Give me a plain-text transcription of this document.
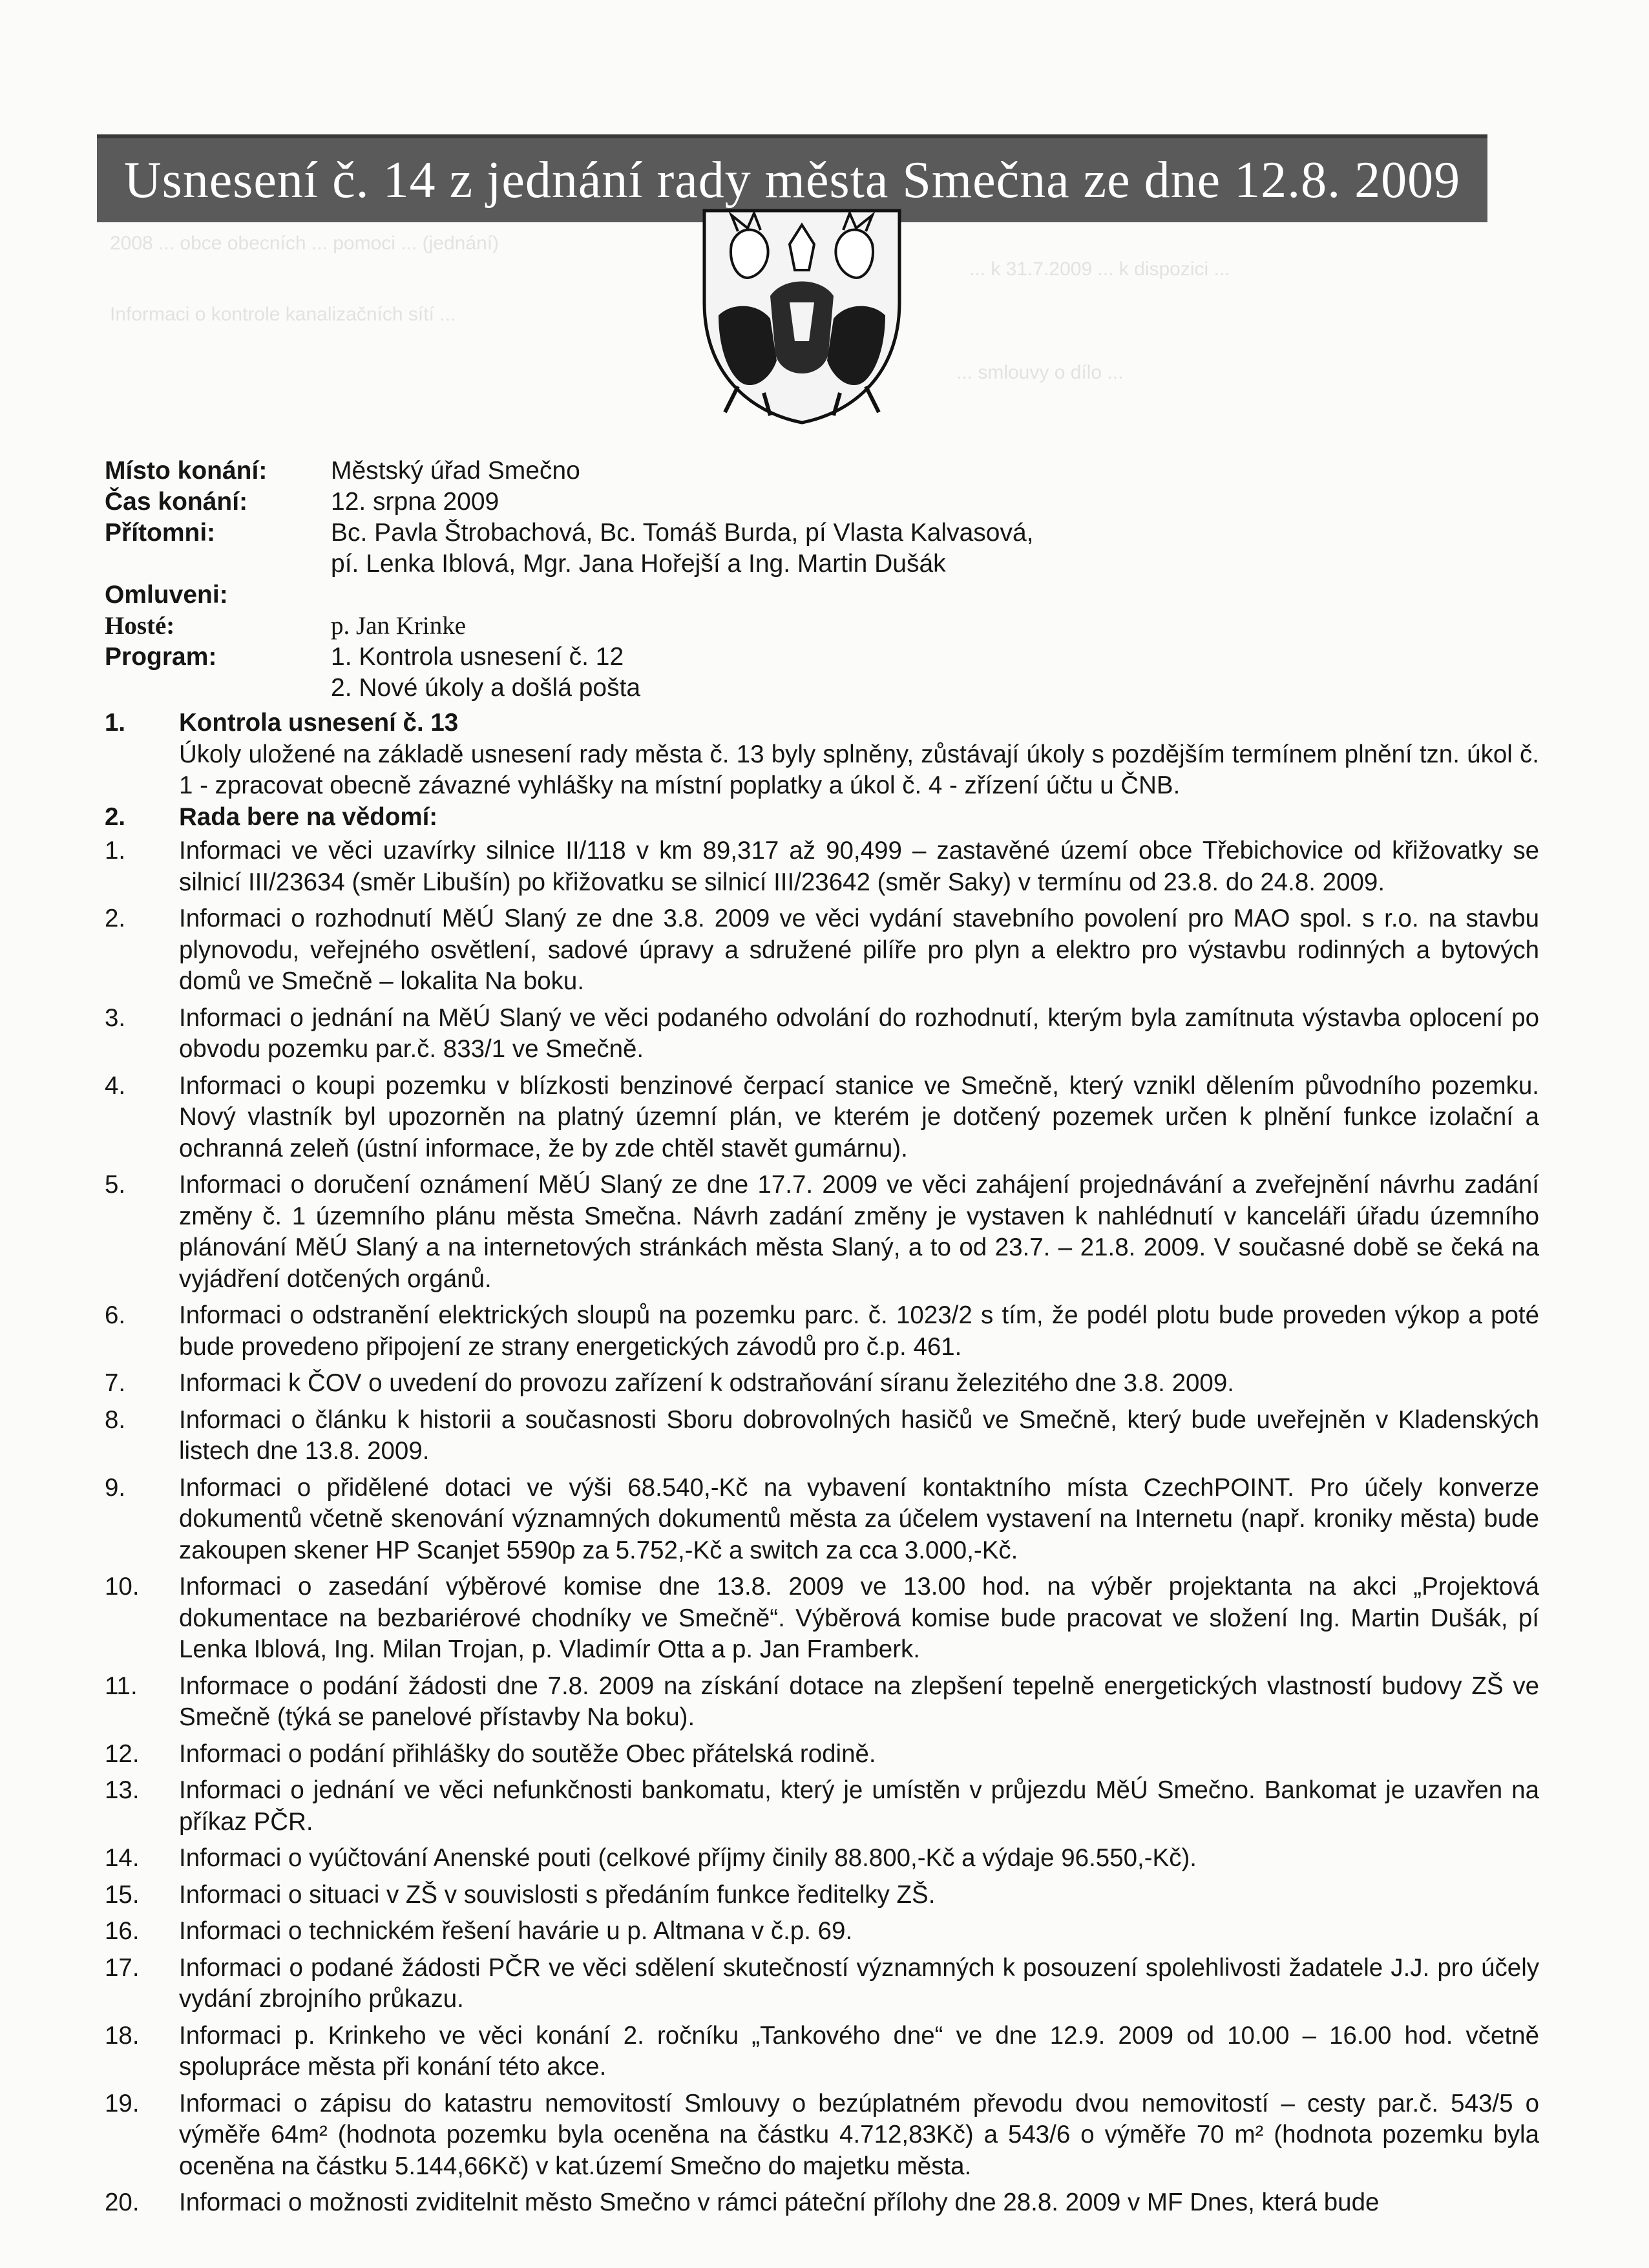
2008 ... obce obecních ... pomoci ... (jednání)
... k 31.7.2009 ... k dispozici ...
Informaci o kontrole kanalizačních sítí ...
... smlouvy o dílo ...
Usnesení č. 14 z jednání rady města Smečna ze dne 12.8. 2009
Místo konání:	Městský úřad Smečno
Čas konání:	12. srpna 2009
Přítomni:	Bc. Pavla Štrobachová, Bc. Tomáš Burda, pí Vlasta Kalvasová,
pí. Lenka Iblová, Mgr. Jana Hořejší a Ing. Martin Dušák
Omluveni:
Hosté:	p. Jan Krinke
Program:	1. Kontrola usnesení č. 12
2. Nové úkoly a došlá pošta
1.	Kontrola usnesení č. 13
Úkoly uložené na základě usnesení rady města č. 13 byly splněny, zůstávají úkoly s pozdějším termínem plnění tzn. úkol č. 1 - zpracovat obecně závazné vyhlášky na místní poplatky a úkol č. 4 - zřízení účtu u ČNB.
2.	Rada bere na vědomí:
1.	Informaci ve věci uzavírky silnice II/118 v km 89,317 až 90,499 – zastavěné území obce Třebichovice od křižovatky se silnicí III/23634 (směr Libušín) po křižovatku se silnicí III/23642 (směr Saky) v termínu od 23.8. do 24.8. 2009.
2.	Informaci o rozhodnutí MěÚ Slaný ze dne 3.8. 2009 ve věci vydání stavebního povolení pro MAO spol. s r.o. na stavbu plynovodu, veřejného osvětlení, sadové úpravy a sdružené pilíře pro plyn a elektro pro výstavbu rodinných a bytových domů ve Smečně – lokalita Na boku.
3.	Informaci o jednání na MěÚ Slaný ve věci podaného odvolání do rozhodnutí, kterým byla zamítnuta výstavba oplocení po obvodu pozemku par.č. 833/1 ve Smečně.
4.	Informaci o koupi pozemku v blízkosti benzinové čerpací stanice ve Smečně, který vznikl dělením původního pozemku. Nový vlastník byl upozorněn na platný územní plán, ve kterém je dotčený pozemek určen k plnění funkce izolační a ochranná zeleň (ústní informace, že by zde chtěl stavět gumárnu).
5.	Informaci o doručení oznámení MěÚ Slaný ze dne 17.7. 2009 ve věci zahájení projednávání a zveřejnění návrhu zadání změny č. 1 územního plánu města Smečna. Návrh zadání změny je vystaven k nahlédnutí v kanceláři úřadu územního plánování MěÚ Slaný a na internetových stránkách města Slaný, a to od 23.7. – 21.8. 2009. V současné době se čeká na vyjádření dotčených orgánů.
6.	Informaci o odstranění elektrických sloupů na pozemku parc. č. 1023/2 s tím, že podél plotu bude proveden výkop a poté bude provedeno připojení ze strany energetických závodů pro č.p. 461.
7.	Informaci k ČOV o uvedení do provozu zařízení k odstraňování síranu železitého dne 3.8. 2009.
8.	Informaci o článku k historii a současnosti Sboru dobrovolných hasičů ve Smečně, který bude uveřejněn v Kladenských listech dne 13.8. 2009.
9.	Informaci o přidělené dotaci ve výši 68.540,-Kč na vybavení kontaktního místa CzechPOINT. Pro účely konverze dokumentů včetně skenování významných dokumentů města za účelem vystavení na Internetu (např. kroniky města) bude zakoupen skener HP Scanjet 5590p za 5.752,-Kč a switch za cca 3.000,-Kč.
10.	Informaci o zasedání výběrové komise dne 13.8. 2009 ve 13.00 hod. na výběr projektanta na akci „Projektová dokumentace na bezbariérové chodníky ve Smečně“. Výběrová komise bude pracovat ve složení Ing. Martin Dušák, pí Lenka Iblová, Ing. Milan Trojan, p. Vladimír Otta a p. Jan Framberk.
11.	Informace o podání žádosti dne 7.8. 2009 na získání dotace na zlepšení tepelně energetických vlastností budovy ZŠ ve Smečně (týká se panelové přístavby Na boku).
12.	Informaci o podání přihlášky do soutěže Obec přátelská rodině.
13.	Informaci o jednání ve věci nefunkčnosti bankomatu, který je umístěn v průjezdu MěÚ Smečno. Bankomat je uzavřen na příkaz PČR.
14.	Informaci o vyúčtování Anenské pouti (celkové příjmy činily 88.800,-Kč a výdaje 96.550,-Kč).
15.	Informaci o situaci v ZŠ v souvislosti s předáním funkce ředitelky ZŠ.
16.	Informaci o technickém řešení havárie u p. Altmana v č.p. 69.
17.	Informaci o podané žádosti PČR ve věci sdělení skutečností významných k posouzení spolehlivosti žadatele J.J. pro účely vydání zbrojního průkazu.
18.	Informaci p. Krinkeho ve věci konání 2. ročníku „Tankového dne“ ve dne 12.9. 2009 od 10.00 – 16.00 hod. včetně spolupráce města při konání této akce.
19.	Informaci o zápisu do katastru nemovitostí Smlouvy o bezúplatném převodu dvou nemovitostí – cesty par.č. 543/5 o výměře 64m² (hodnota pozemku byla oceněna na částku 4.712,83Kč) a 543/6 o výměře 70 m² (hodnota pozemku byla oceněna na částku 5.144,66Kč) v kat.území Smečno do majetku města.
20.	Informaci o možnosti zviditelnit město Smečno v rámci páteční přílohy dne 28.8. 2009 v MF Dnes, která bude
